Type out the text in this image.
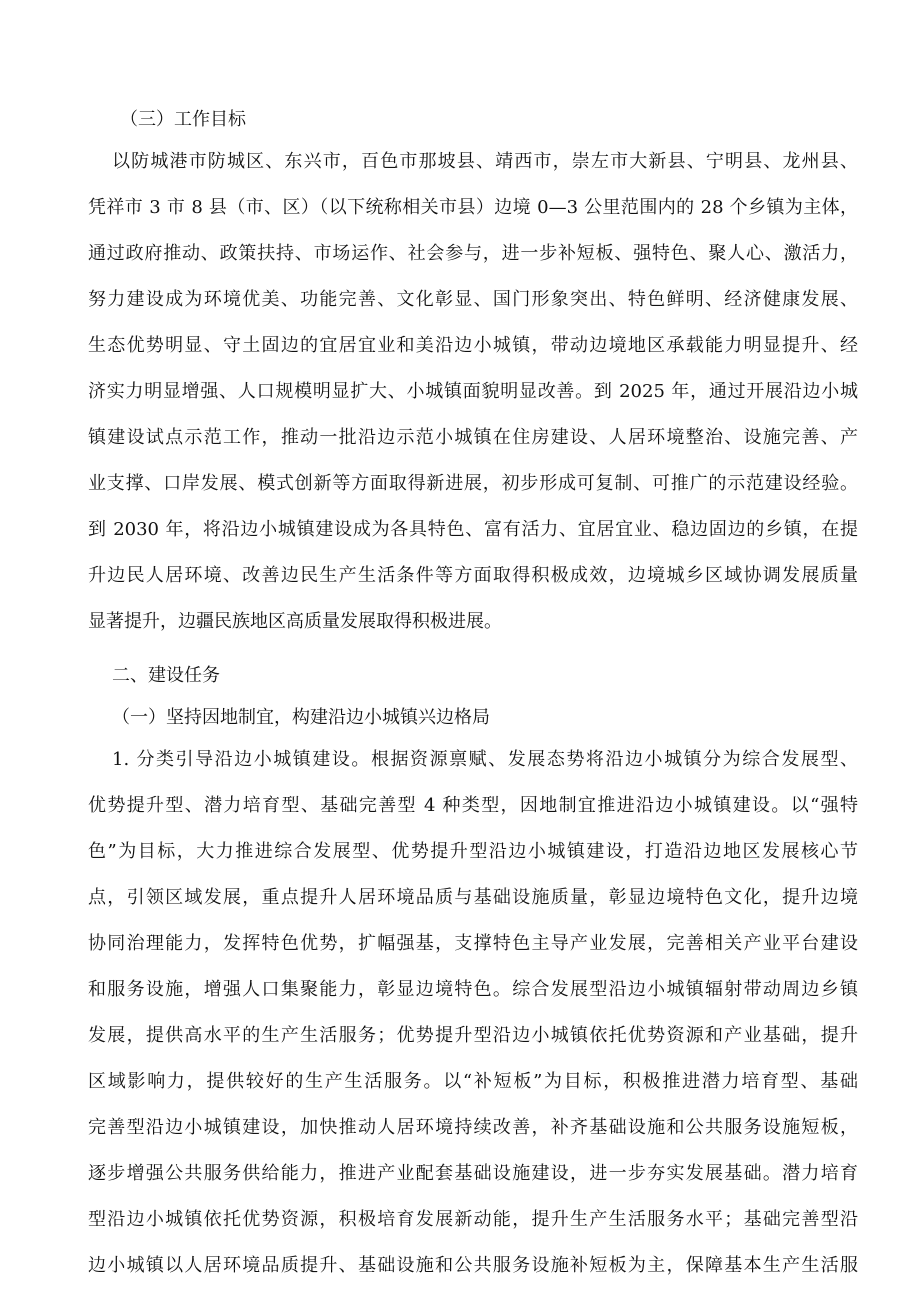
（三）工作目标
以防城港市防城区、东兴市，百色市那坡县、靖西市，崇左市大新县、宁明县、龙州县、
凭祥市 3 市 8 县（市、区）（以下统称相关市县）边境 0—3 公里范围内的 28 个乡镇为主体，
通过政府推动、政策扶持、市场运作、社会参与，进一步补短板、强特色、聚人心、激活力，
努力建设成为环境优美、功能完善、文化彰显、国门形象突出、特色鲜明、经济健康发展、
生态优势明显、守土固边的宜居宜业和美沿边小城镇，带动边境地区承载能力明显提升、经
济实力明显增强、人口规模明显扩大、小城镇面貌明显改善。到 2025 年，通过开展沿边小城
镇建设试点示范工作，推动一批沿边示范小城镇在住房建设、人居环境整治、设施完善、产
业支撑、口岸发展、模式创新等方面取得新进展，初步形成可复制、可推广的示范建设经验。
到 2030 年，将沿边小城镇建设成为各具特色、富有活力、宜居宜业、稳边固边的乡镇，在提
升边民人居环境、改善边民生产生活条件等方面取得积极成效，边境城乡区域协调发展质量
显著提升，边疆民族地区高质量发展取得积极进展。
二、建设任务
（一）坚持因地制宜，构建沿边小城镇兴边格局
1. 分类引导沿边小城镇建设。根据资源禀赋、发展态势将沿边小城镇分为综合发展型、
优势提升型、潜力培育型、基础完善型 4 种类型，因地制宜推进沿边小城镇建设。以“强特
色”为目标，大力推进综合发展型、优势提升型沿边小城镇建设，打造沿边地区发展核心节
点，引领区域发展，重点提升人居环境品质与基础设施质量，彰显边境特色文化，提升边境
协同治理能力，发挥特色优势，扩幅强基，支撑特色主导产业发展，完善相关产业平台建设
和服务设施，增强人口集聚能力，彰显边境特色。综合发展型沿边小城镇辐射带动周边乡镇
发展，提供高水平的生产生活服务；优势提升型沿边小城镇依托优势资源和产业基础，提升
区域影响力，提供较好的生产生活服务。以“补短板”为目标，积极推进潜力培育型、基础
完善型沿边小城镇建设，加快推动人居环境持续改善，补齐基础设施和公共服务设施短板，
逐步增强公共服务供给能力，推进产业配套基础设施建设，进一步夯实发展基础。潜力培育
型沿边小城镇依托优势资源，积极培育发展新动能，提升生产生活服务水平；基础完善型沿
边小城镇以人居环境品质提升、基础设施和公共服务设施补短板为主，保障基本生产生活服
